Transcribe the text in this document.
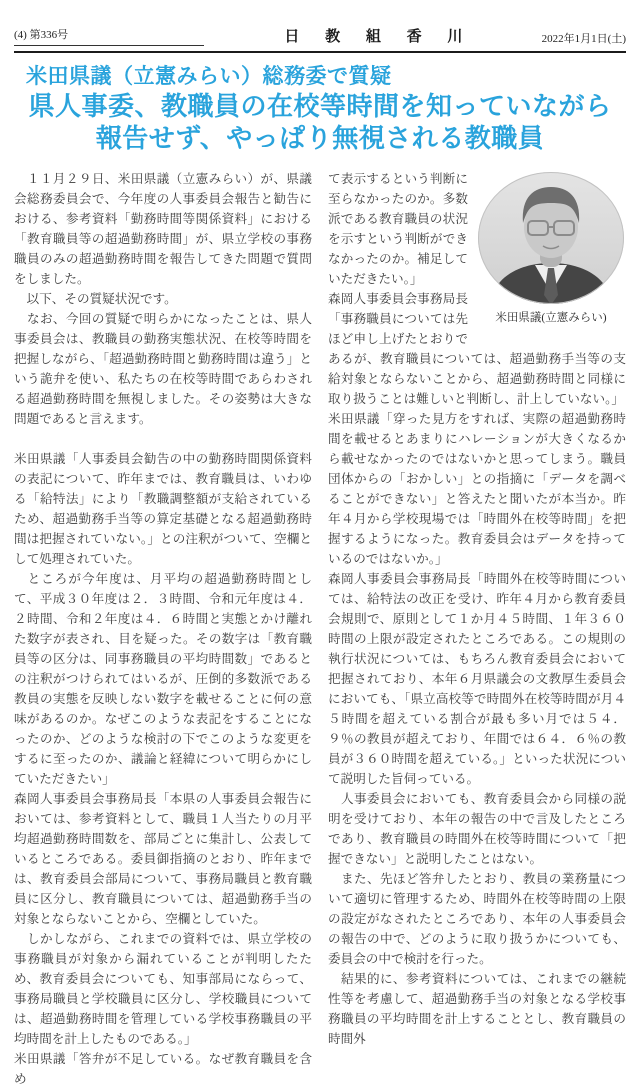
(4) 第336号	日 教 組 香 川	2022年1月1日(土)
米田県議（立憲みらい）総務委で質疑
県人事委、教職員の在校等時間を知っていながら
報告せず、やっぱり無視される教職員

　１１月２９日、米田県議（立憲みらい）が、県議会総務委員会で、今年度の人事委員会報告と勧告における、参考資料「勤務時間等関係資料」における「教育職員等の超過勤務時間」が、県立学校の事務職員のみの超過勤務時間を報告してきた問題で質問をしました。

　以下、その質疑状況です。

　なお、今回の質疑で明らかになったことは、県人事委員会は、教職員の勤務実態状況、在校等時間を把握しながら、「超過勤務時間と勤務時間は違う」という詭弁を使い、私たちの在校等時間であらわされる超過勤務時間を無視しました。その姿勢は大きな問題であると言えます。

米田県議「人事委員会勧告の中の勤務時間関係資料の表記について、昨年までは、教育職員は、いわゆる「給特法」により「教職調整額が支給されているため、超過勤務手当等の算定基礎となる超過勤務時間は把握されていない。」との注釈がついて、空欄として処理されていた。

　ところが今年度は、月平均の超過勤務時間として、平成３０年度は２．３時間、令和元年度は４．２時間、令和２年度は４．６時間と実態とかけ離れた数字が表され、目を疑った。その数字は「教育職員等の区分は、同事務職員の平均時間数」であるとの注釈がつけられてはいるが、圧倒的多数派である教員の実態を反映しない数字を載せることに何の意味があるのか。なぜこのような表記をすることになったのか、どのような検討の下でこのような変更をするに至ったのか、議論と経緯について明らかにしていただきたい」

森岡人事委員会事務局長「本県の人事委員会報告においては、参考資料として、職員１人当たりの月平均超過勤務時間数を、部局ごとに集計し、公表しているところである。委員御指摘のとおり、昨年までは、教育委員会部局について、事務局職員と教育職員に区分し、教育職員については、超過勤務手当の対象とならないことから、空欄としていた。

　しかしながら、これまでの資料では、県立学校の事務職員が対象から漏れていることが判明したため、教育委員会についても、知事部局にならって、事務局職員と学校職員に区分し、学校職員については、超過勤務時間を管理している学校事務職員の平均時間を計上したものである。」

米田県議「答弁が不足している。なぜ教育職員を含め

米田県議(立憲みらい)

て表示するという判断に至らなかったのか。多数派である教育職員の状況を示すという判断ができなかったのか。補足していただきたい。」

森岡人事委員会事務局長「事務職員については先ほど申し上げたとおりであるが、教育職員については、超過勤務手当等の支給対象とならないことから、超過勤務時間と同様に取り扱うことは難しいと判断し、計上していない。」

米田県議「穿った見方をすれば、実際の超過勤務時間を載せるとあまりにハレーションが大きくなるから載せなかったのではないかと思ってしまう。職員団体からの「おかしい」との指摘に「データを調べることができない」と答えたと聞いたが本当か。昨年４月から学校現場では「時間外在校等時間」を把握するようになった。教育委員会はデータを持っているのではないか。」

森岡人事委員会事務局長「時間外在校等時間については、給特法の改正を受け、昨年４月から教育委員会規則で、原則として１か月４５時間、１年３６０時間の上限が設定されたところである。この規則の執行状況については、もちろん教育委員会において把握されており、本年６月県議会の文教厚生委員会においても、「県立高校等で時間外在校等時間が月４５時間を超えている割合が最も多い月では５４．９％の教員が超えており、年間では６４．６％の教員が３６０時間を超えている。」といった状況について説明した旨伺っている。

　人事委員会においても、教育委員会から同様の説明を受けており、本年の報告の中で言及したところであり、教育職員の時間外在校等時間について「把握できない」と説明したことはない。

　また、先ほど答弁したとおり、教員の業務量について適切に管理するため、時間外在校等時間の上限の設定がなされたところであり、本年の人事委員会の報告の中で、どのように取り扱うかについても、委員会の中で検討を行った。

　結果的に、参考資料については、これまでの継続性等を考慮して、超過勤務手当の対象となる学校事務職員の平均時間を計上することとし、教育職員の時間外
